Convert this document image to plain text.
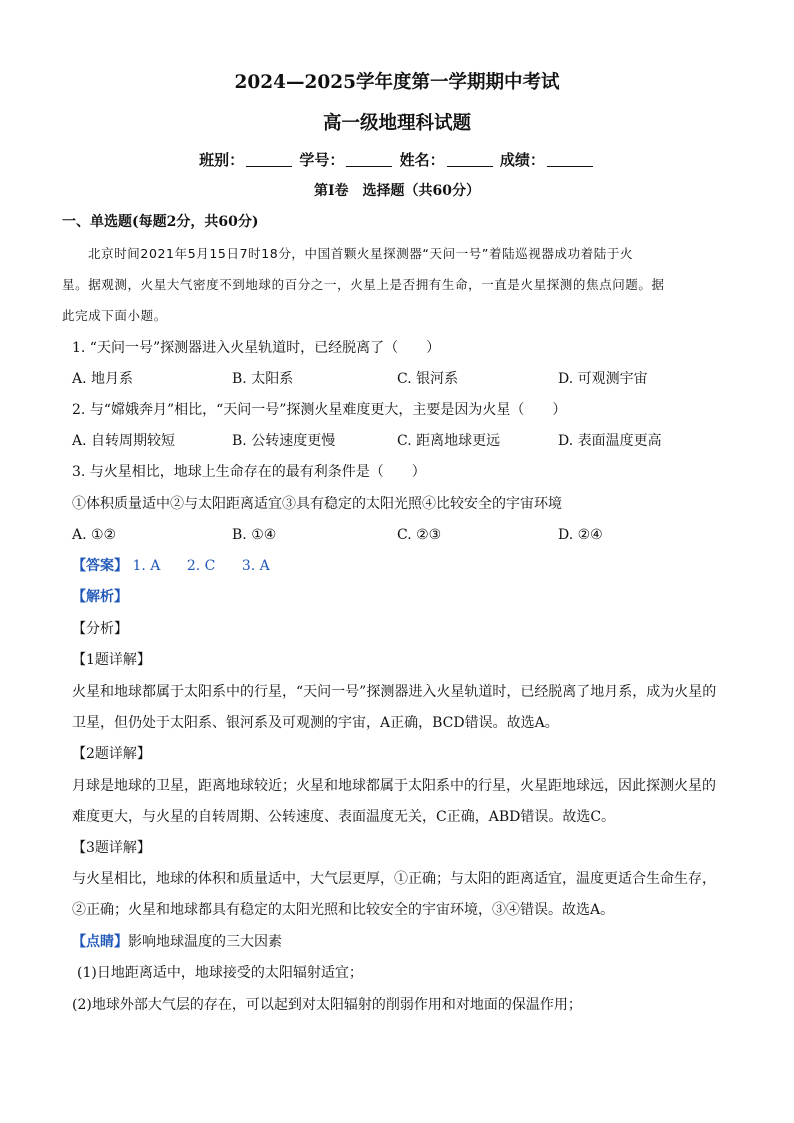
2024—2025学年度第一学期期中考试
高一级地理科试题
班别：	学号：	姓名：	成绩：
第Ⅰ卷　选择题（共60分）
一、单选题(每题2分，共60分)
北京时间2021年5月15日7时18分，中国首颗火星探测器“天问一号”着陆巡视器成功着陆于火
星。据观测，火星大气密度不到地球的百分之一，火星上是否拥有生命，一直是火星探测的焦点问题。据
此完成下面小题。
1. “天问一号”探测器进入火星轨道时，已经脱离了（　　）
A. 地月系	B. 太阳系	C. 银河系	D. 可观测宇宙
2. 与“嫦娥奔月”相比，“天问一号”探测火星难度更大，主要是因为火星（　　）
A. 自转周期较短	B. 公转速度更慢	C. 距离地球更远	D. 表面温度更高
3. 与火星相比，地球上生命存在的最有利条件是（　　）
①体积质量适中②与太阳距离适宜③具有稳定的太阳光照④比较安全的宇宙环境
A. ①②	B. ①④	C. ②③	D. ②④
【答案】 1. A 2. C 3. A
【解析】
【分析】
【1题详解】
火星和地球都属于太阳系中的行星，“天问一号”探测器进入火星轨道时，已经脱离了地月系，成为火星的
卫星，但仍处于太阳系、银河系及可观测的宇宙，A正确，BCD错误。故选A。
【2题详解】
月球是地球的卫星，距离地球较近；火星和地球都属于太阳系中的行星，火星距地球远，因此探测火星的
难度更大，与火星的自转周期、公转速度、表面温度无关，C正确，ABD错误。故选C。
【3题详解】
与火星相比，地球的体积和质量适中，大气层更厚，①正确；与太阳的距离适宜，温度更适合生命生存，
②正确；火星和地球都具有稳定的太阳光照和比较安全的宇宙环境，③④错误。故选A。
【点睛】影响地球温度的三大因素
(1)日地距离适中，地球接受的太阳辐射适宜；
(2)地球外部大气层的存在，可以起到对太阳辐射的削弱作用和对地面的保温作用；
